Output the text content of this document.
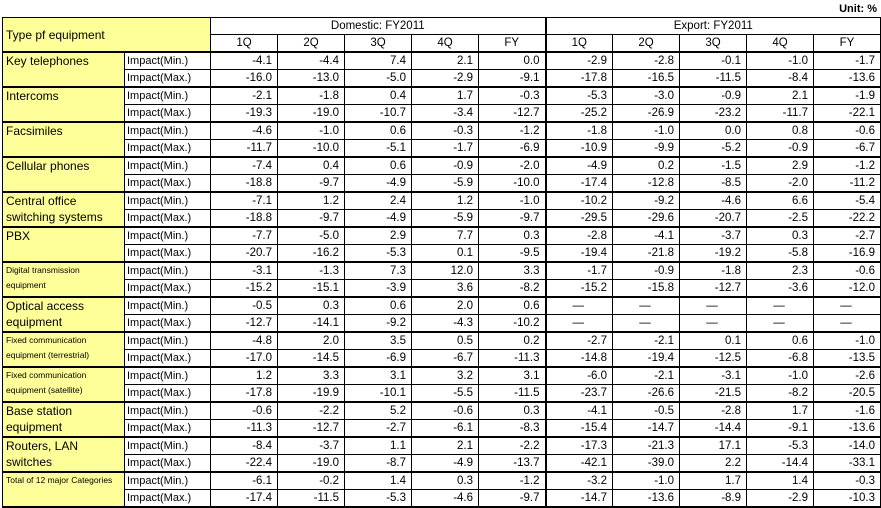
Unit: %
Type pf equipment		Domestic: FY2011					Export: FY2011				
		1Q	2Q	3Q	4Q	FY	1Q	2Q	3Q	4Q	FY
Key telephones	Impact(Min.)	-4.1	-4.4	7.4	2.1	0.0	-2.9	-2.8	-0.1	-1.0	-1.7
	Impact(Max.)	-16.0	-13.0	-5.0	-2.9	-9.1	-17.8	-16.5	-11.5	-8.4	-13.6
Intercoms	Impact(Min.)	-2.1	-1.8	0.4	1.7	-0.3	-5.3	-3.0	-0.9	2.1	-1.9
	Impact(Max.)	-19.3	-19.0	-10.7	-3.4	-12.7	-25.2	-26.9	-23.2	-11.7	-22.1
Facsimiles	Impact(Min.)	-4.6	-1.0	0.6	-0.3	-1.2	-1.8	-1.0	0.0	0.8	-0.6
	Impact(Max.)	-11.7	-10.0	-5.1	-1.7	-6.9	-10.9	-9.9	-5.2	-0.9	-6.7
Cellular phones	Impact(Min.)	-7.4	0.4	0.6	-0.9	-2.0	-4.9	0.2	-1.5	2.9	-1.2
	Impact(Max.)	-18.8	-9.7	-4.9	-5.9	-10.0	-17.4	-12.8	-8.5	-2.0	-11.2
Central office switching systems	Impact(Min.)	-7.1	1.2	2.4	1.2	-1.0	-10.2	-9.2	-4.6	6.6	-5.4
	Impact(Max.)	-18.8	-9.7	-4.9	-5.9	-9.7	-29.5	-29.6	-20.7	-2.5	-22.2
PBX	Impact(Min.)	-7.7	-5.0	2.9	7.7	0.3	-2.8	-4.1	-3.7	0.3	-2.7
	Impact(Max.)	-20.7	-16.2	-5.3	0.1	-9.5	-19.4	-21.8	-19.2	-5.8	-16.9
Digital transmission equipment	Impact(Min.)	-3.1	-1.3	7.3	12.0	3.3	-1.7	-0.9	-1.8	2.3	-0.6
	Impact(Max.)	-15.2	-15.1	-3.9	3.6	-8.2	-15.2	-15.8	-12.7	-3.6	-12.0
Optical access equipment	Impact(Min.)	-0.5	0.3	0.6	2.0	0.6	—	—	—	—	—
	Impact(Max.)	-12.7	-14.1	-9.2	-4.3	-10.2	—	—	—	—	—
Fixed communication equipment (terrestrial)	Impact(Min.)	-4.8	2.0	3.5	0.5	0.2	-2.7	-2.1	0.1	0.6	-1.0
	Impact(Max.)	-17.0	-14.5	-6.9	-6.7	-11.3	-14.8	-19.4	-12.5	-6.8	-13.5
Fixed communication equipment (satellite)	Impact(Min.)	1.2	3.3	3.1	3.2	3.1	-6.0	-2.1	-3.1	-1.0	-2.6
	Impact(Max.)	-17.8	-19.9	-10.1	-5.5	-11.5	-23.7	-26.6	-21.5	-8.2	-20.5
Base station equipment	Impact(Min.)	-0.6	-2.2	5.2	-0.6	0.3	-4.1	-0.5	-2.8	1.7	-1.6
	Impact(Max.)	-11.3	-12.7	-2.7	-6.1	-8.3	-15.4	-14.7	-14.4	-9.1	-13.6
Routers, LAN switches	Impact(Min.)	-8.4	-3.7	1.1	2.1	-2.2	-17.3	-21.3	17.1	-5.3	-14.0
	Impact(Max.)	-22.4	-19.0	-8.7	-4.9	-13.7	-42.1	-39.0	2.2	-14.4	-33.1
Total of 12 major Categories	Impact(Min.)	-6.1	-0.2	1.4	0.3	-1.2	-3.2	-1.0	1.7	1.4	-0.3
	Impact(Max.)	-17.4	-11.5	-5.3	-4.6	-9.7	-14.7	-13.6	-8.9	-2.9	-10.3
